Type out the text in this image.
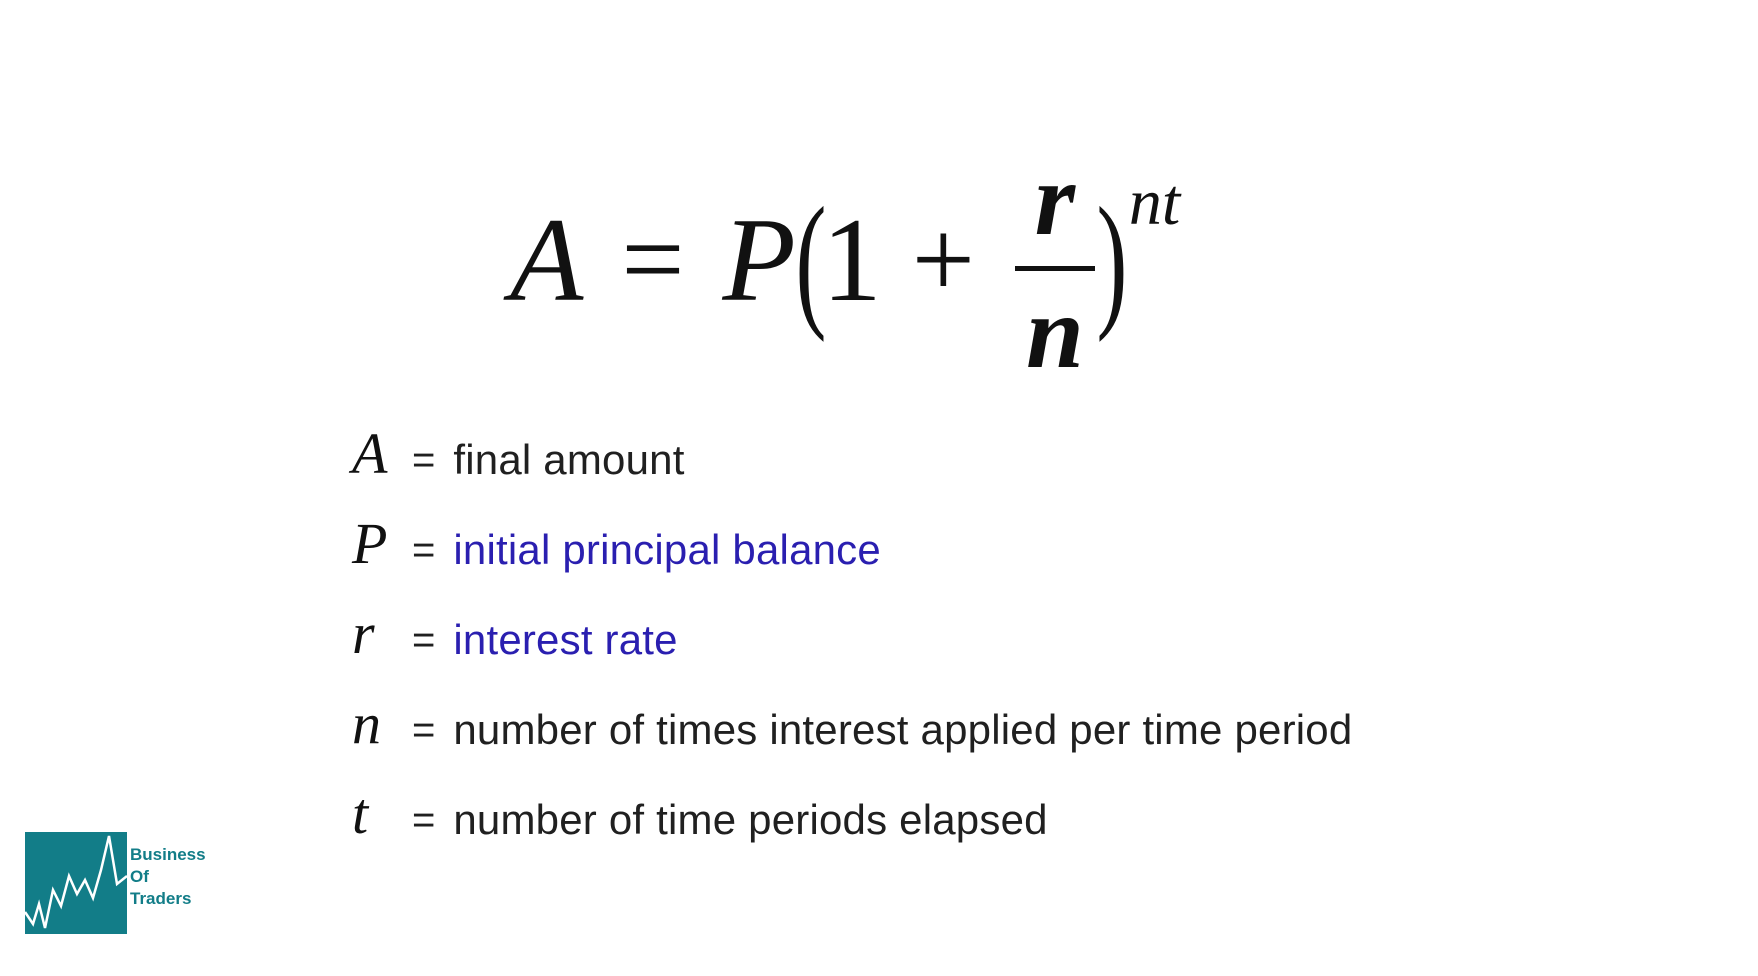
A = P (
1 + r
n ) nt
A = final amount
P = initial principal balance
r = interest rate
n = number of times interest applied per time period
t	= number of time periods elapsed
Business
Of
Traders
